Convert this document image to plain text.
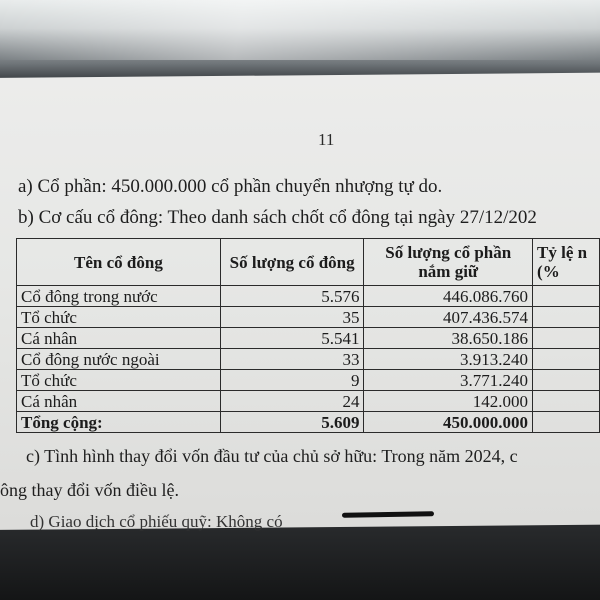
11
a) Cổ phần: 450.000.000 cổ phần chuyển nhượng tự do.
b) Cơ cấu cổ đông: Theo danh sách chốt cổ đông tại ngày 27/12/202
Tên cổ đông	Số lượng cổ đông	Số lượng cổ phần nắm giữ	Tỷ lệ n (%
Cổ đông trong nước	5.576	446.086.760	
Tổ chức	35	407.436.574	
Cá nhân	5.541	38.650.186	
Cổ đông nước ngoài	33	3.913.240	
Tổ chức	9	3.771.240	
Cá nhân	24	142.000	
Tổng cộng:	5.609	450.000.000	
c) Tình hình thay đổi vốn đầu tư của chủ sở hữu: Trong năm 2024, c
ông thay đổi vốn điều lệ.
d) Giao dịch cổ phiếu quỹ: Không có
